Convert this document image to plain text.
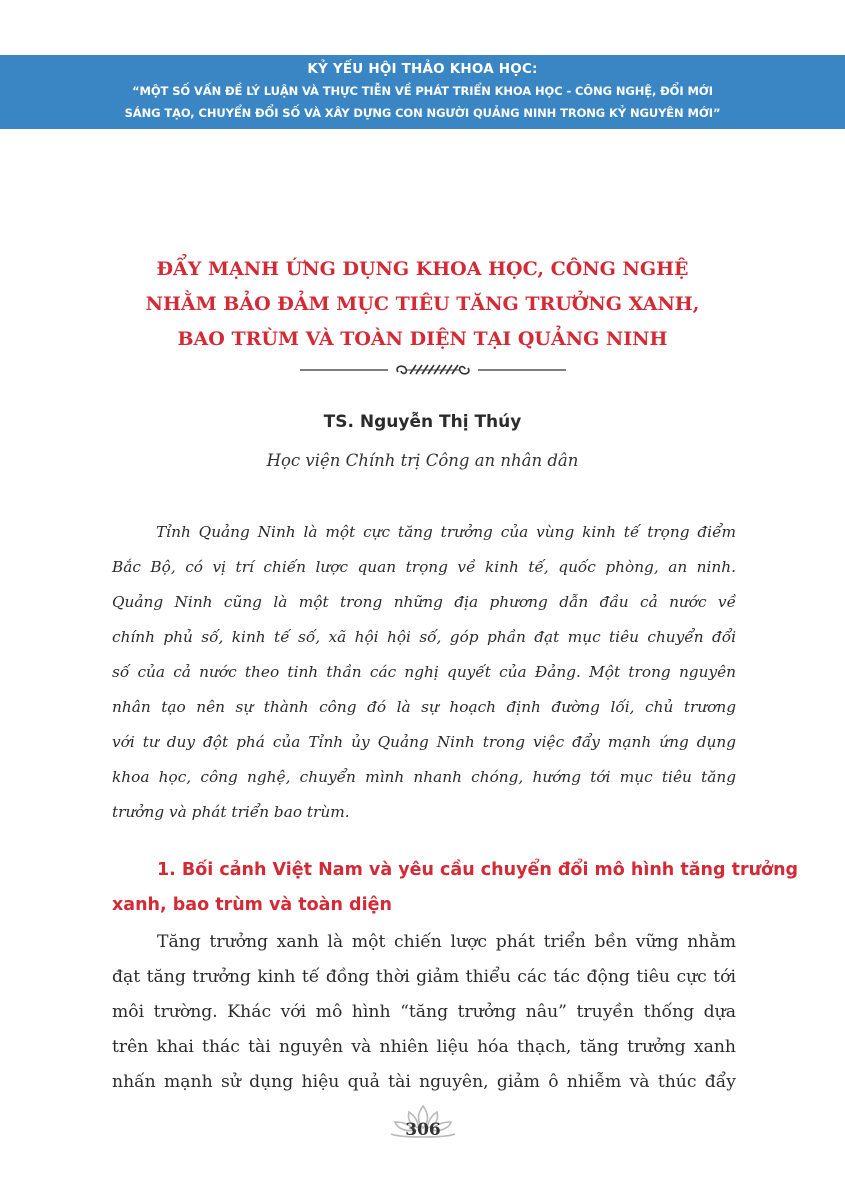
KỶ YẾU HỘI THẢO KHOA HỌC:
“MỘT SỐ VẤN ĐỀ LÝ LUẬN VÀ THỰC TIỄN VỀ PHÁT TRIỂN KHOA HỌC - CÔNG NGHỆ, ĐỔI MỚI
SÁNG TẠO, CHUYỂN ĐỔI SỐ VÀ XÂY DỰNG CON NGƯỜI QUẢNG NINH TRONG KỶ NGUYÊN MỚI”
ĐẨY MẠNH ỨNG DỤNG KHOA HỌC, CÔNG NGHỆ
NHẰM BẢO ĐẢM MỤC TIÊU TĂNG TRƯỞNG XANH,
BAO TRÙM VÀ TOÀN DIỆN TẠI QUẢNG NINH
TS. Nguyễn Thị Thúy
Học viện Chính trị Công an nhân dân
Tỉnh Quảng Ninh là một cực tăng trưởng của vùng kinh tế trọng điểm
Bắc Bộ, có vị trí chiến lược quan trọng về kinh tế, quốc phòng, an ninh.
Quảng Ninh cũng là một trong những địa phương dẫn đầu cả nước về
chính phủ số, kinh tế số, xã hội hội số, góp phần đạt mục tiêu chuyển đổi
số của cả nước theo tinh thần các nghị quyết của Đảng. Một trong nguyên
nhân tạo nên sự thành công đó là sự hoạch định đường lối, chủ trương
với tư duy đột phá của Tỉnh ủy Quảng Ninh trong việc đẩy mạnh ứng dụng
khoa học, công nghệ, chuyển mình nhanh chóng, hướng tới mục tiêu tăng
trưởng và phát triển bao trùm.
1. Bối cảnh Việt Nam và yêu cầu chuyển đổi mô hình tăng trưởng
xanh, bao trùm và toàn diện
Tăng trưởng xanh là một chiến lược phát triển bền vững nhằm
đạt tăng trưởng kinh tế đồng thời giảm thiểu các tác động tiêu cực tới
môi trường. Khác với mô hình “tăng trưởng nâu” truyền thống dựa
trên khai thác tài nguyên và nhiên liệu hóa thạch, tăng trưởng xanh
nhấn mạnh sử dụng hiệu quả tài nguyên, giảm ô nhiễm và thúc đẩy
306
